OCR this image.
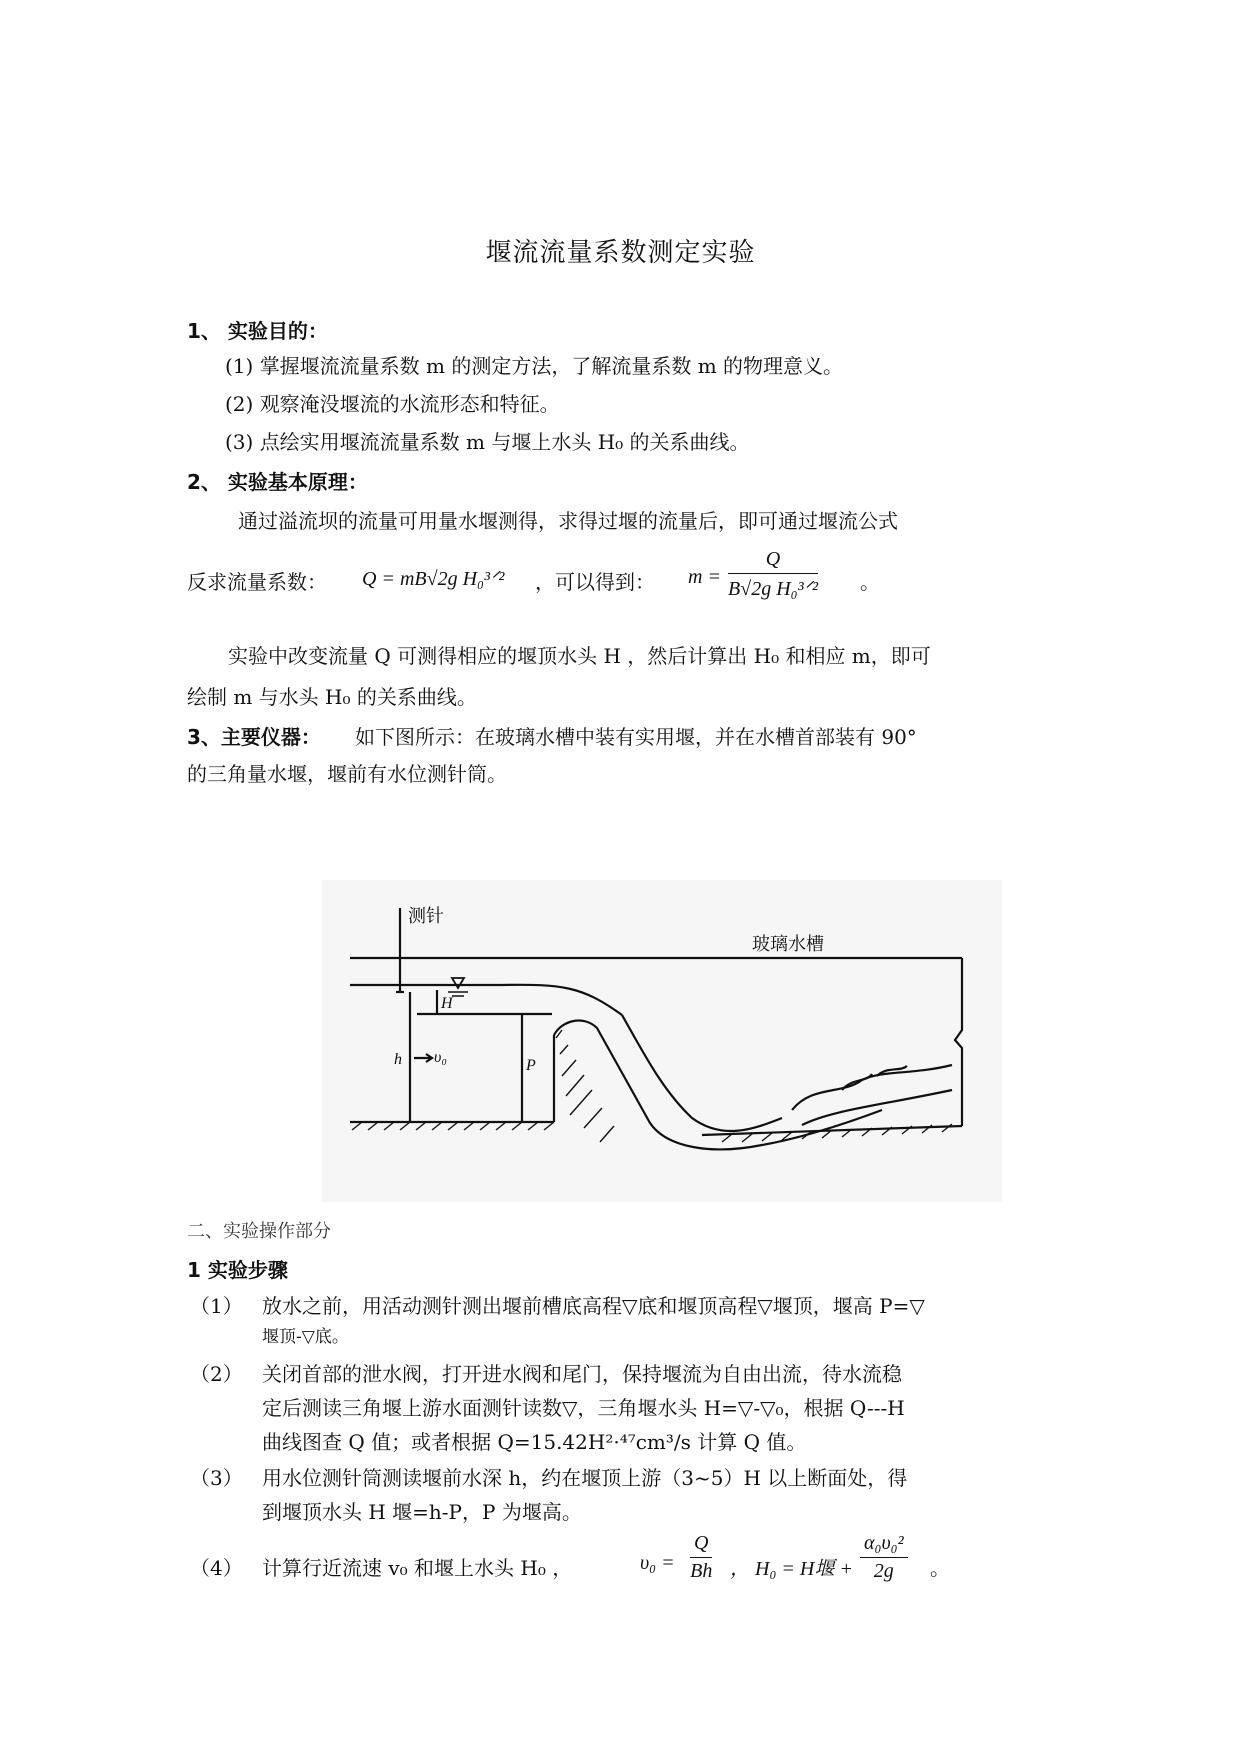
堰流流量系数测定实验
1、 实验目的：
(1) 掌握堰流流量系数 m 的测定方法，了解流量系数 m 的物理意义。
(2) 观察淹没堰流的水流形态和特征。
(3) 点绘实用堰流流量系数 m 与堰上水头 H₀ 的关系曲线。
2、 实验基本原理：
通过溢流坝的流量可用量水堰测得，求得过堰的流量后，即可通过堰流公式
反求流量系数： Q = mB√2g H₀³ᐟ² ，可以得到： $m = \frac{Q}{\text{B√2g H₀³ᐟ²}}$ 。
实验中改变流量 Q 可测得相应的堰顶水头 H ，然后计算出 H₀ 和相应 m，即可
绘制 m 与水头 H₀ 的关系曲线。
3、主要仪器： 如下图所示：在玻璃水槽中装有实用堰，并在水槽首部装有 90°
的三角量水堰，堰前有水位测针筒。
测针
玻璃水槽
H
h υ₀	P
二、实验操作部分
1 实验步骤
（1） 放水之前，用活动测针测出堰前槽底高程▽底和堰顶高程▽堰顶，堰高 P=▽
堰顶-▽底。
（2） 关闭首部的泄水阀，打开进水阀和尾门，保持堰流为自由出流，待水流稳
定后测读三角堰上游水面测针读数▽，三角堰水头 H=▽-▽₀，根据 Q---H
曲线图查 Q 值；或者根据 Q=15.42H²·⁴⁷cm³/s 计算 Q 值。
（3） 用水位测针筒测读堰前水深 h，约在堰顶上游（3~5）H 以上断面处，得
到堰顶水头 H 堰=h-P，P 为堰高。
（4） 计算行近流速 v₀ 和堰上水头 H₀ ，	$\upsilon_0 = \frac{Q}{Bh}$ ， H₀ = H堰 + $\frac{\text{α₀υ₀²}}{2g}$ 。
